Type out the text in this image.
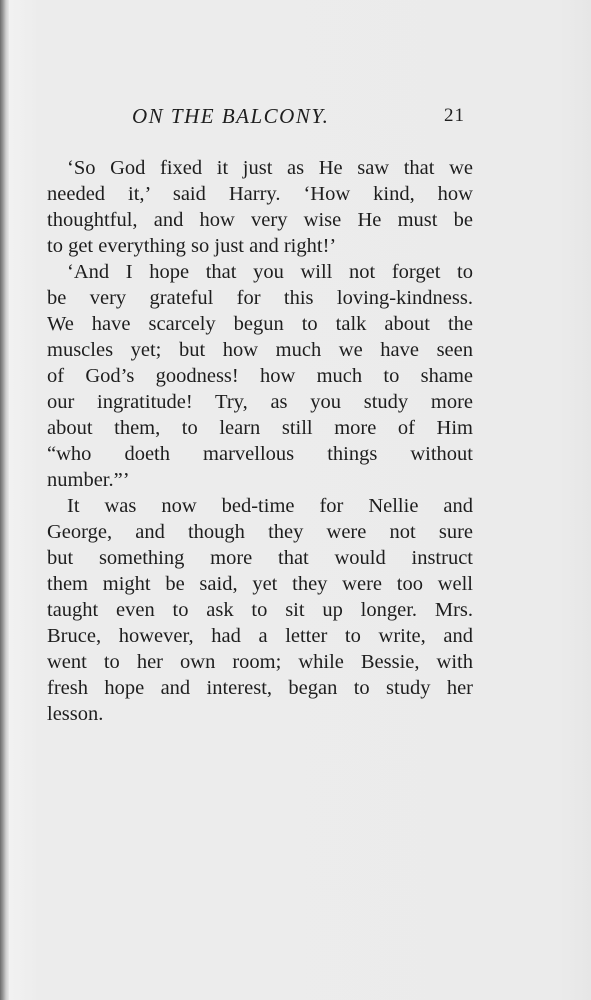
ON THE BALCONY.	21
‘So God fixed it just as He saw that we
needed it,’ said Harry. ‘How kind, how
thoughtful, and how very wise He must be
to get everything so just and right!’
‘And I hope that you will not forget to
be very grateful for this loving-kindness.
We have scarcely begun to talk about the
muscles yet; but how much we have seen
of God’s goodness! how much to shame
our ingratitude! Try, as you study more
about them, to learn still more of Him
“who doeth marvellous things without
number.”’
It was now bed-time for Nellie and
George, and though they were not sure
but something more that would instruct
them might be said, yet they were too well
taught even to ask to sit up longer. Mrs.
Bruce, however, had a letter to write, and
went to her own room; while Bessie, with
fresh hope and interest, began to study her
lesson.
